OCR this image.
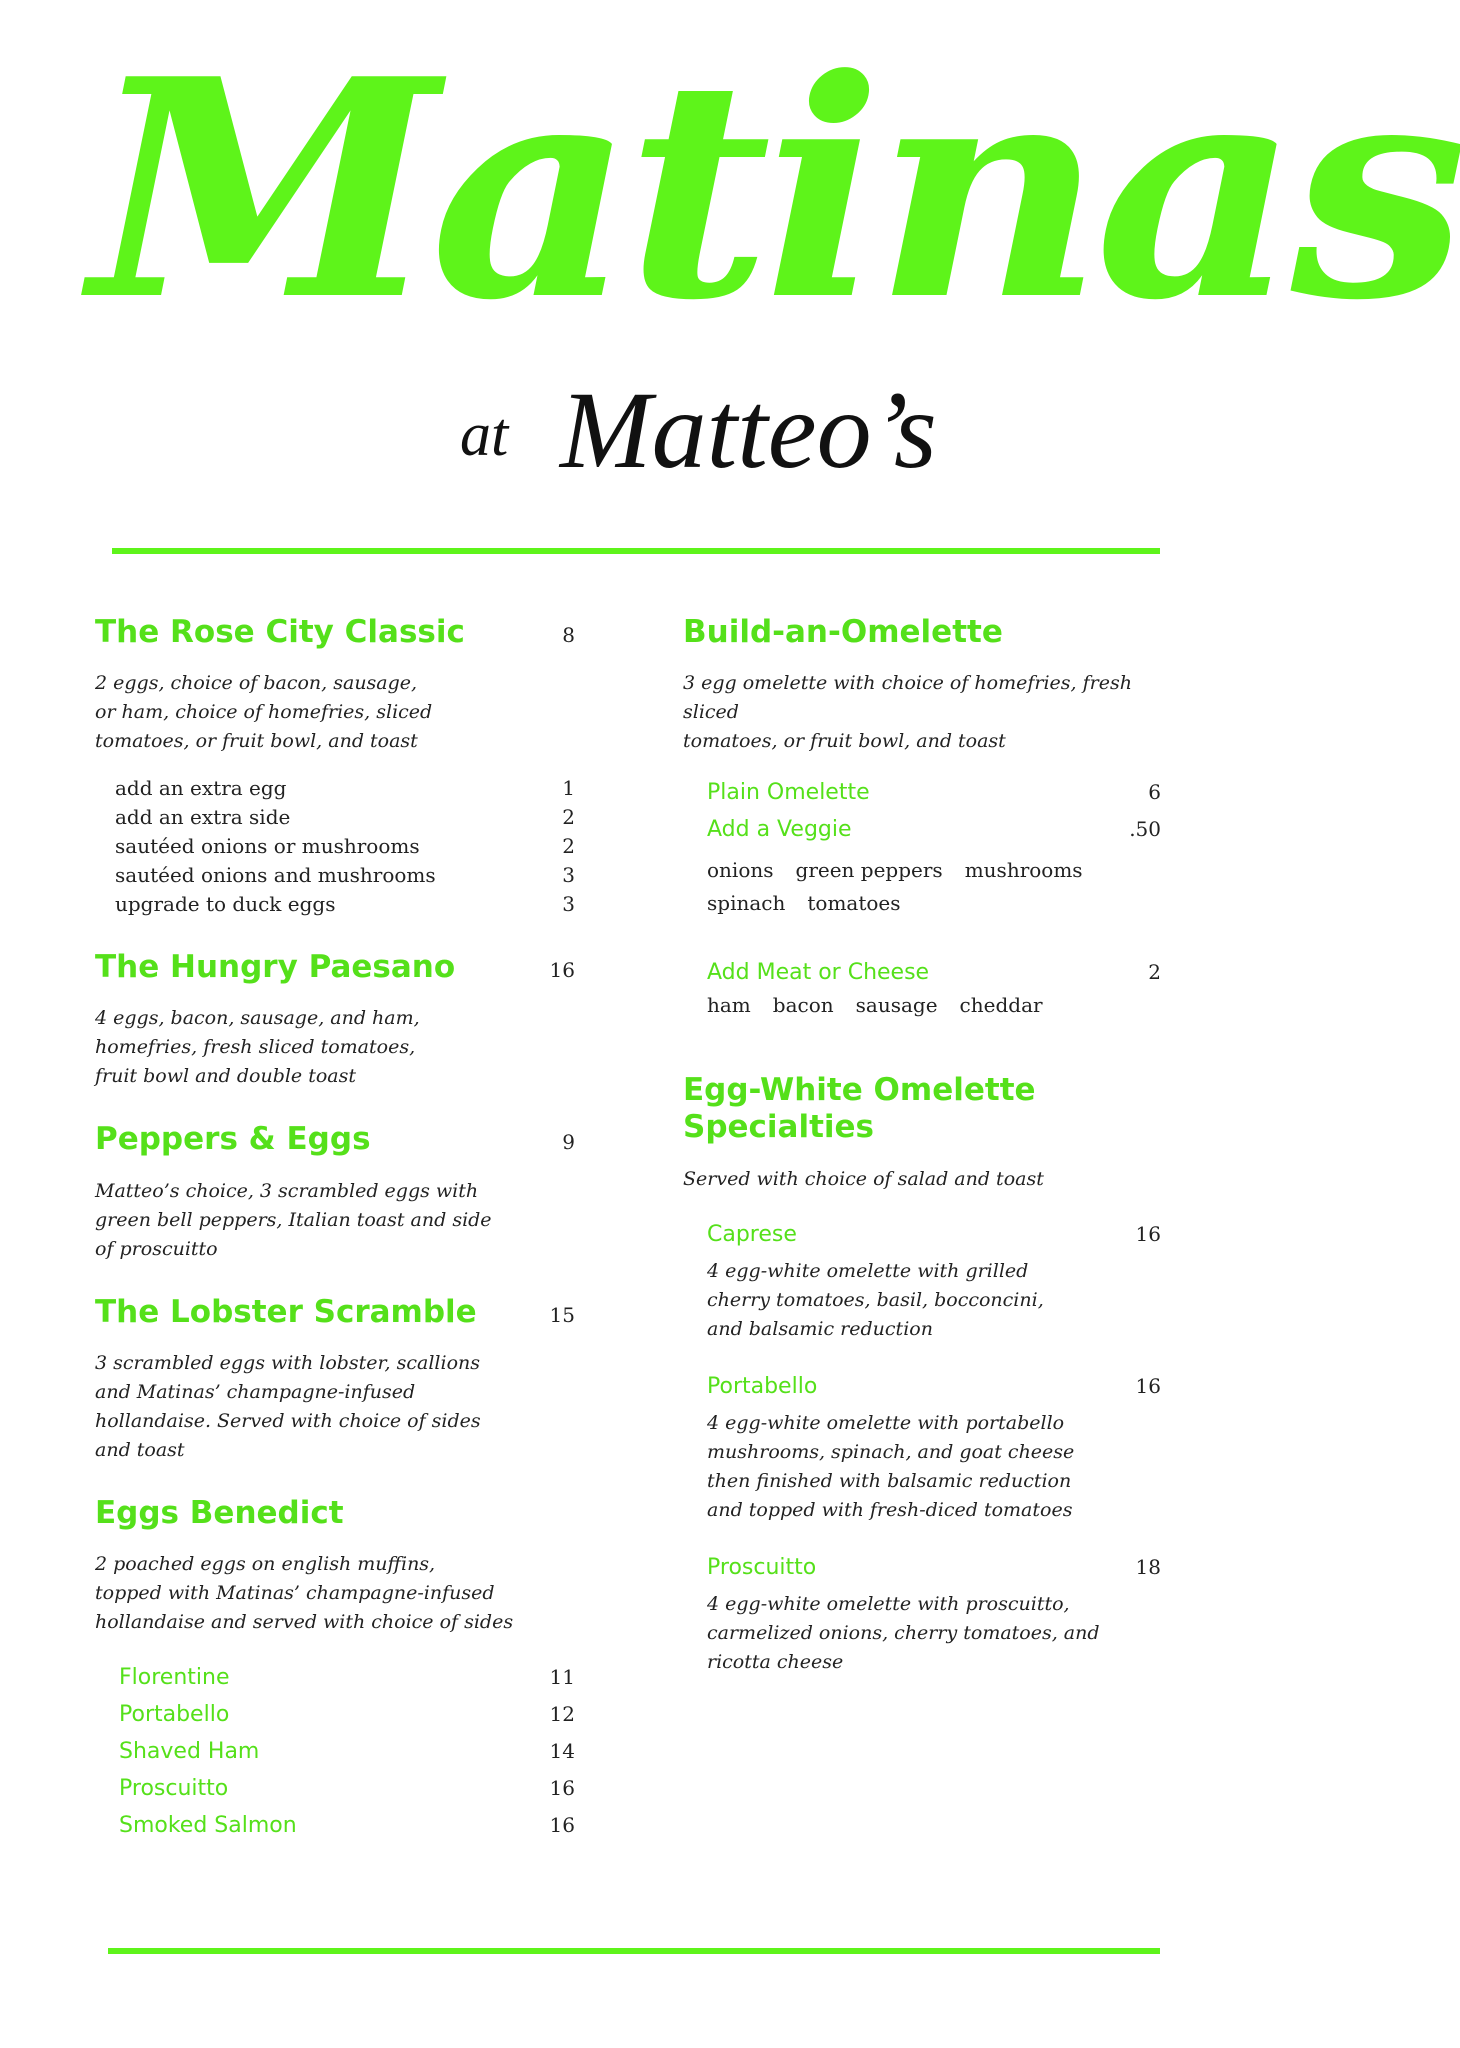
Matinas
at Matteo’s
The Rose City Classic	8

2 eggs, choice of bacon, sausage,
or ham, choice of homefries, sliced
tomatoes, or fruit bowl, and toast

add an extra egg	1
add an extra side	2
sautéed onions or mushrooms	2
sautéed onions and mushrooms	3
upgrade to duck eggs	3
The Hungry Paesano	16

4 eggs, bacon, sausage, and ham,
homefries, fresh sliced tomatoes,
fruit bowl and double toast

Peppers & Eggs	9

Matteo’s choice, 3 scrambled eggs with
green bell peppers, Italian toast and side
of proscuitto

The Lobster Scramble	15

3 scrambled eggs with lobster, scallions
and Matinas’ champagne-infused
hollandaise. Served with choice of sides
and toast

Eggs Benedict

2 poached eggs on english muffins,
topped with Matinas’ champagne-infused
hollandaise and served with choice of sides

Florentine	11
Portabello	12
Shaved Ham	14
Proscuitto	16
Smoked Salmon	16
Build-an-Omelette

3 egg omelette with choice of homefries, fresh sliced
tomatoes, or fruit bowl, and toast

Plain Omelette	6
Add a Veggie	.50
onions green peppers mushrooms
spinach tomatoes
Add Meat or Cheese	2
ham bacon sausage cheddar
Egg-White Omelette
Specialties

Served with choice of salad and toast

Caprese	16

4 egg-white omelette with grilled
cherry tomatoes, basil, bocconcini,
and balsamic reduction

Portabello	16

4 egg-white omelette with portabello
mushrooms, spinach, and goat cheese
then finished with balsamic reduction
and topped with fresh-diced tomatoes

Proscuitto	18

4 egg-white omelette with proscuitto,
carmelized onions, cherry tomatoes, and
ricotta cheese
